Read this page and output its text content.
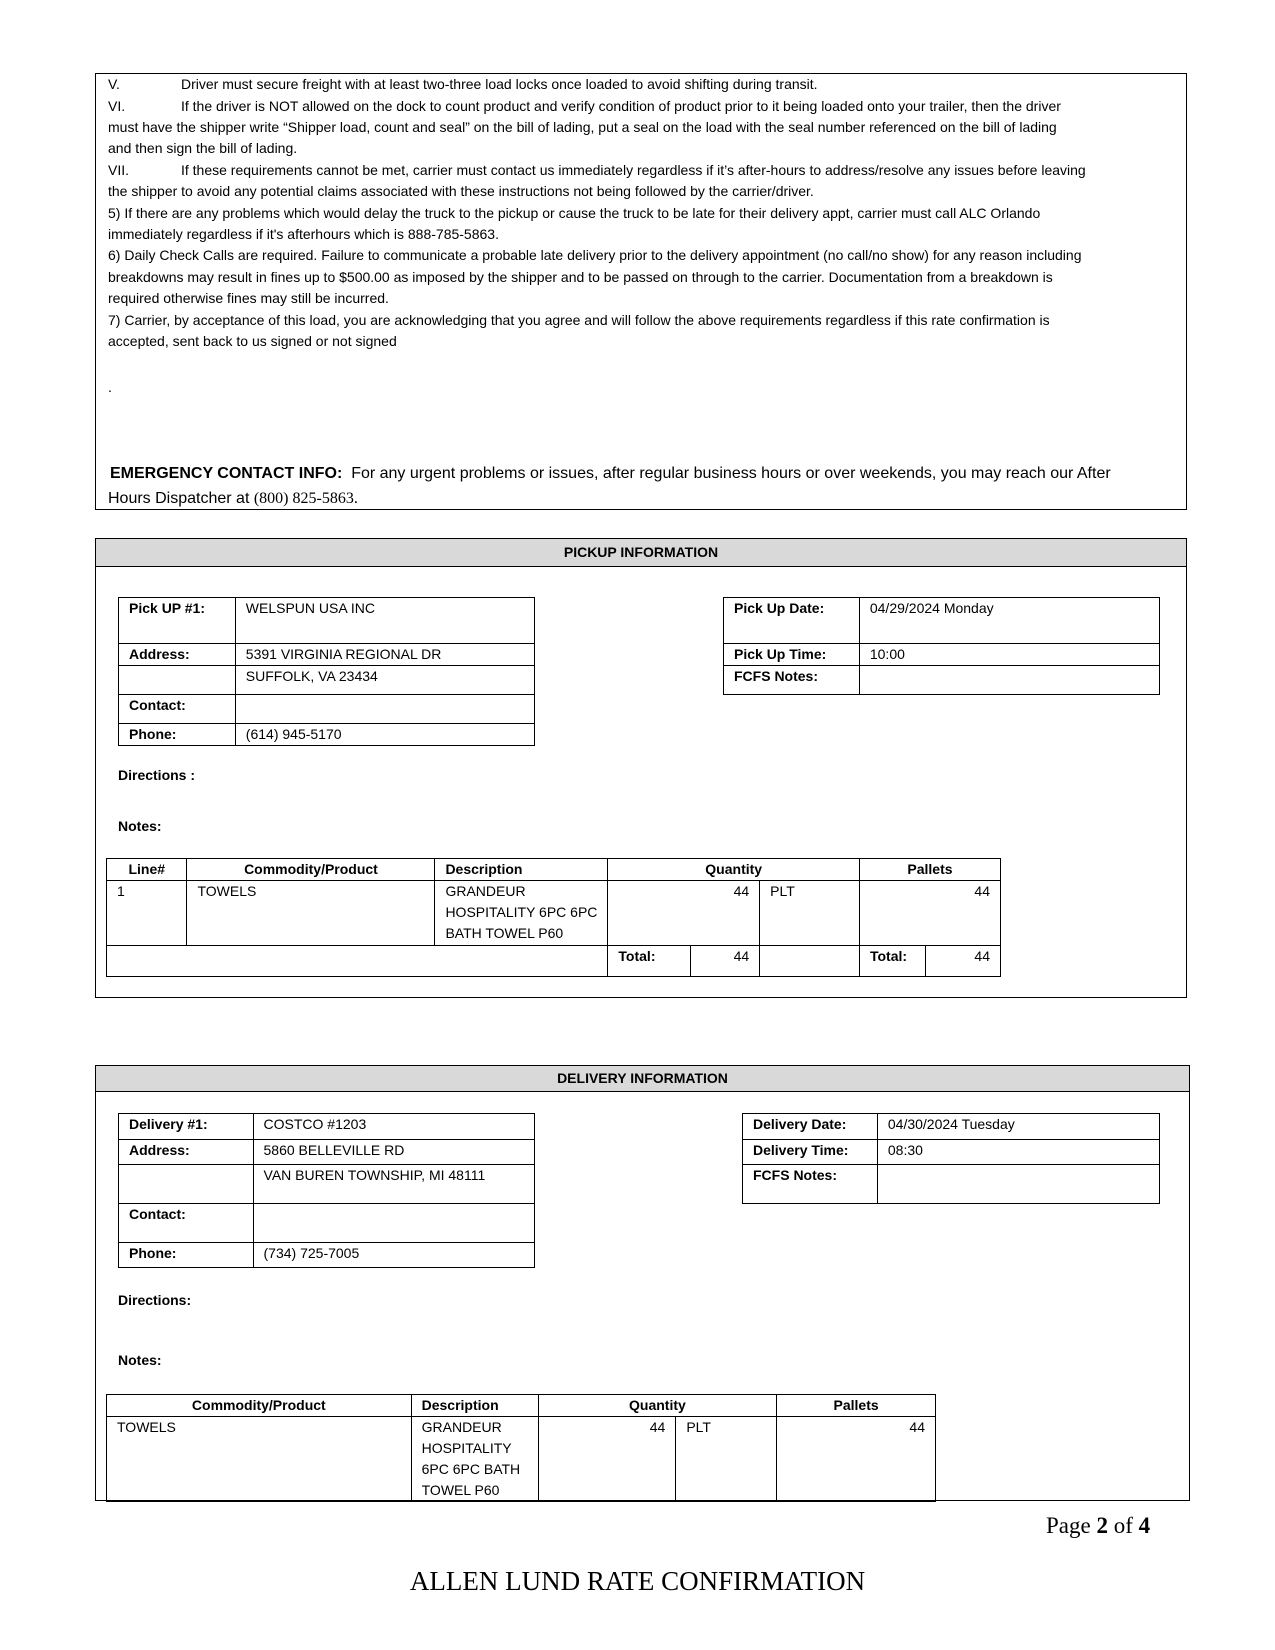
V.	Driver must secure freight with at least two-three load locks once loaded to avoid shifting during transit.
VI.	If the driver is NOT allowed on the dock to count product and verify condition of product prior to it being loaded onto your trailer, then the driver
must have the shipper write “Shipper load, count and seal” on the bill of lading, put a seal on the load with the seal number referenced on the bill of lading
and then sign the bill of lading.
VII.	If these requirements cannot be met, carrier must contact us immediately regardless if it’s after-hours to address/resolve any issues before leaving
the shipper to avoid any potential claims associated with these instructions not being followed by the carrier/driver.
5) If there are any problems which would delay the truck to the pickup or cause the truck to be late for their delivery appt, carrier must call ALC Orlando
immediately regardless if it's afterhours which is 888-785-5863.
6) Daily Check Calls are required. Failure to communicate a probable late delivery prior to the delivery appointment (no call/no show) for any reason including
breakdowns may result in fines up to $500.00 as imposed by the shipper and to be passed on through to the carrier. Documentation from a breakdown is
required otherwise fines may still be incurred.
7) Carrier, by acceptance of this load, you are acknowledging that you agree and will follow the above requirements regardless if this rate confirmation is
accepted, sent back to us signed or not signed
.
EMERGENCY CONTACT INFO: For any urgent problems or issues, after regular business hours or over weekends, you may reach our After
Hours Dispatcher at (800) 825-5863.
PICKUP INFORMATION
Pick UP #1:	WELSPUN USA INC
Address:	5391 VIRGINIA REGIONAL DR
	SUFFOLK, VA 23434
Contact:	
Phone:	(614) 945-5170
Pick Up Date:	04/29/2024 Monday
Pick Up Time:	10:00
FCFS Notes:	
Directions :
Notes:
Line#	Commodity/Product	Description	Quantity			Pallets	
1	TOWELS	GRANDEUR
HOSPITALITY 6PC 6PC
BATH TOWEL P60	44		PLT	44	
			Total:	44		Total:	44
DELIVERY INFORMATION
Delivery #1:	COSTCO #1203
Address:	5860 BELLEVILLE RD
	VAN BUREN TOWNSHIP, MI 48111
Contact:	
Phone:	(734) 725-7005
Delivery Date:	04/30/2024 Tuesday
Delivery Time:	08:30
FCFS Notes:	
Directions:
Notes:
Commodity/Product	Description	Quantity		Pallets
TOWELS	GRANDEUR
HOSPITALITY
6PC 6PC BATH
TOWEL P60	44	PLT	44
Page 2 of 4
ALLEN LUND RATE CONFIRMATION
